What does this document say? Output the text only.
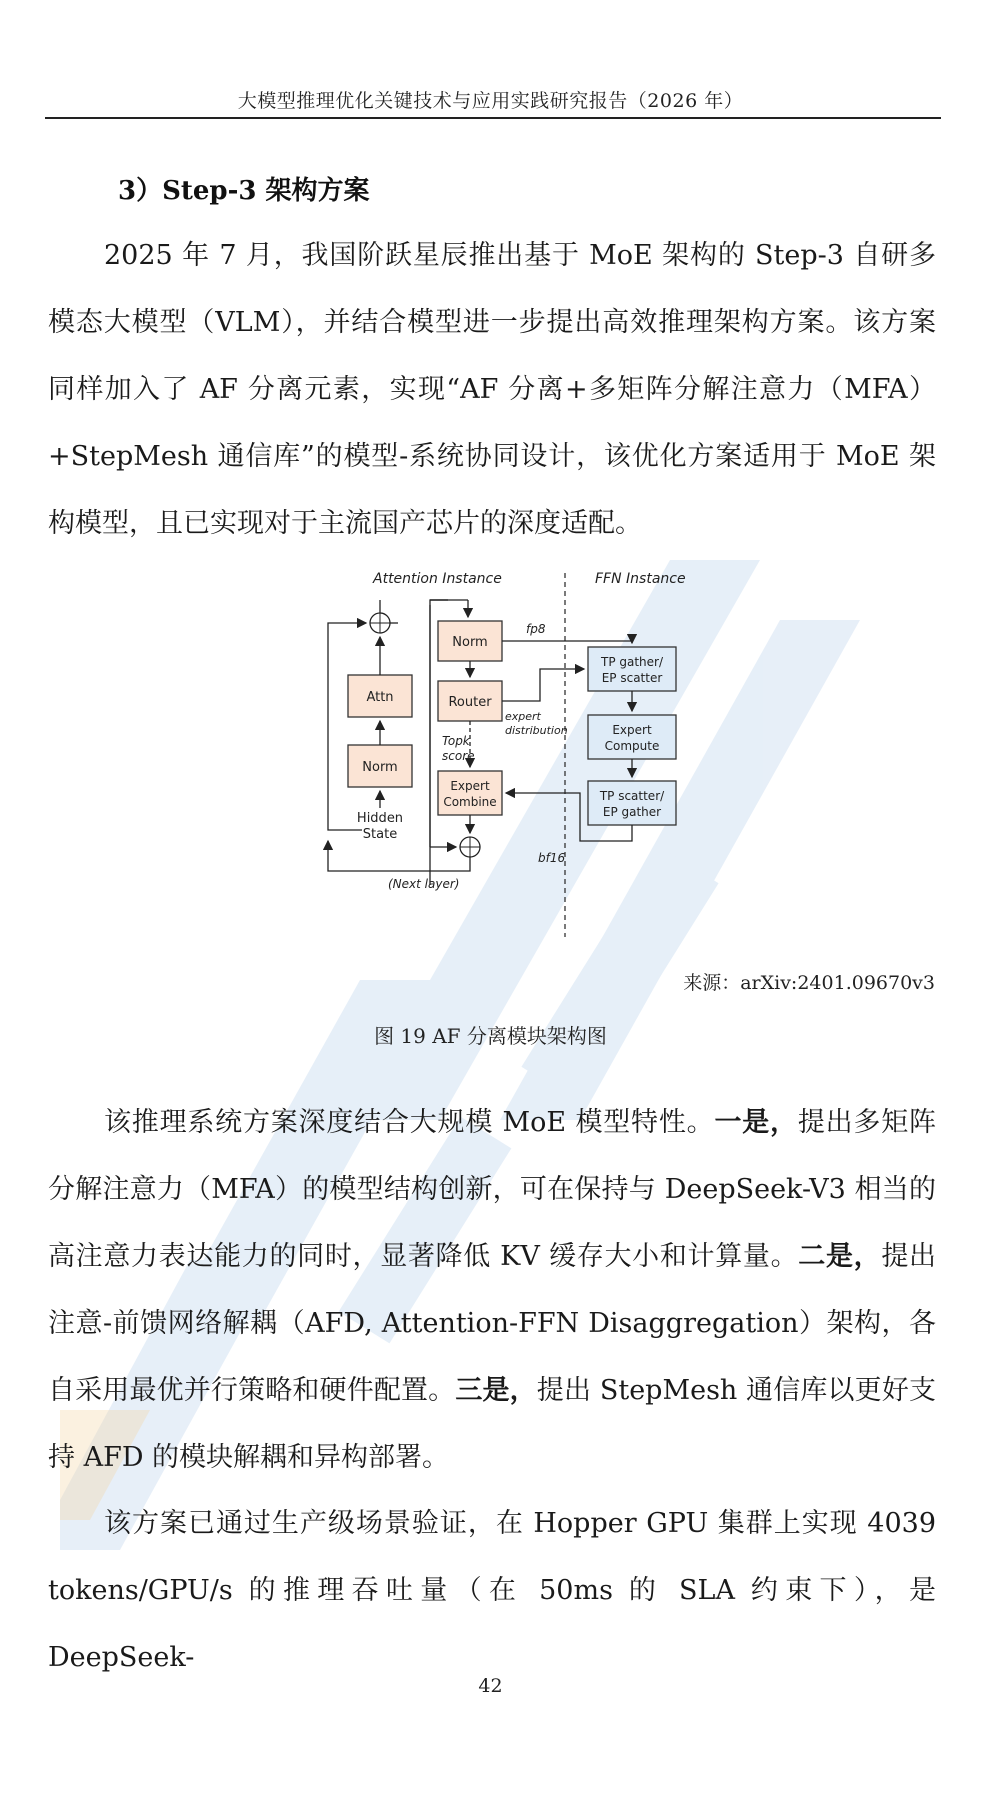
大模型推理优化关键技术与应用实践研究报告（2026 年）
3）Step-3 架构方案
2025 年 7 月，我国阶跃星辰推出基于 MoE 架构的 Step-3 自研多模态大模型（VLM），并结合模型进一步提出高效推理架构方案。该方案同样加入了 AF 分离元素，实现“AF 分离+多矩阵分解注意力（MFA）+StepMesh 通信库”的模型-系统协同设计，该优化方案适用于 MoE 架构模型，且已实现对于主流国产芯片的深度适配。
Attention Instance	FFN Instance
Attn
Norm
Hidden
State
Norm
Router
Topk
score
Expert
Combine
(Next layer)
TP gather/
EP scatter
Expert
Compute
TP scatter/
EP gather
fp8
expert
distribution
bf16
来源：arXiv:2401.09670v3
图 19 AF 分离模块架构图
该推理系统方案深度结合大规模 MoE 模型特性。一是，提出多矩阵分解注意力（MFA）的模型结构创新，可在保持与 DeepSeek-V3 相当的高注意力表达能力的同时，显著降低 KV 缓存大小和计算量。二是，提出注意-前馈网络解耦（AFD, Attention-FFN Disaggregation）架构，各自采用最优并行策略和硬件配置。三是，提出 StepMesh 通信库以更好支持 AFD 的模块解耦和异构部署。
该方案已通过生产级场景验证，在 Hopper GPU 集群上实现 4039 tokens/GPU/s 的推理吞吐量（在 50ms 的 SLA 约束下），是 DeepSeek-
42
